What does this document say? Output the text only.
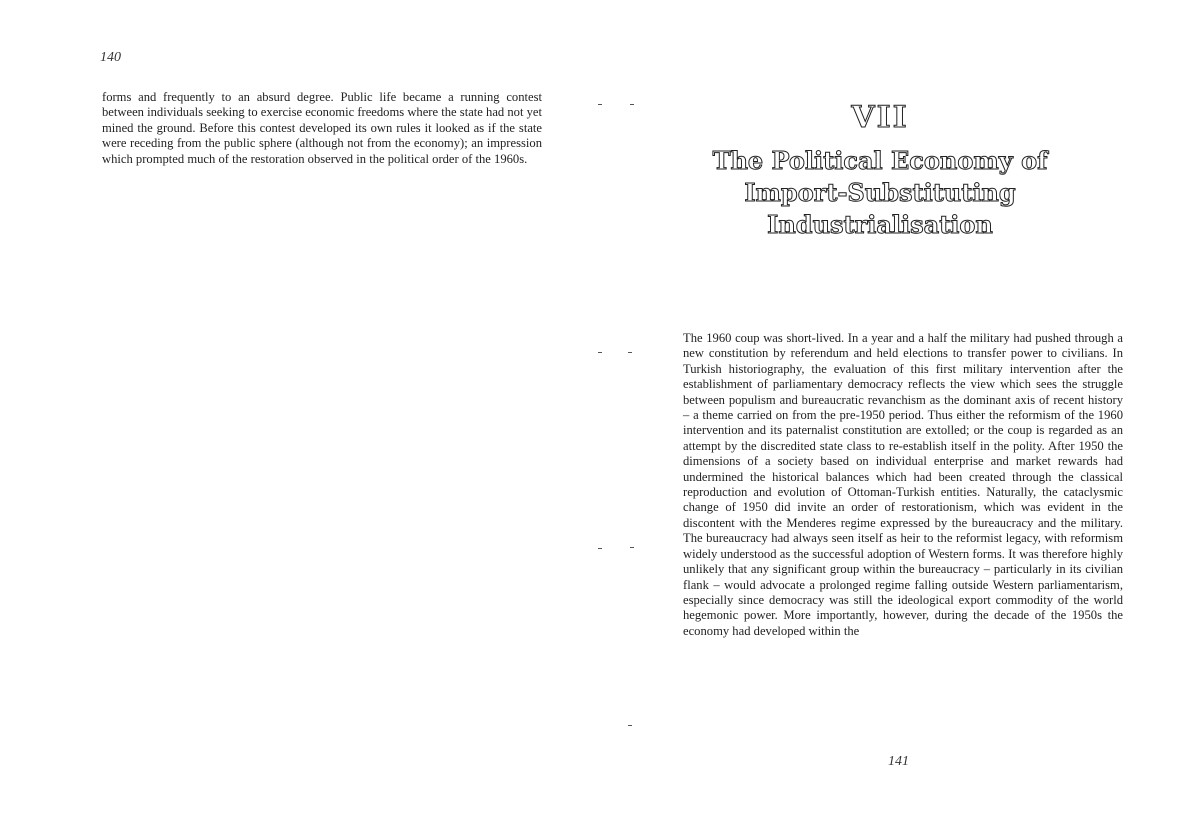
140
forms and frequently to an absurd degree. Public life became a running contest between individuals seeking to exercise economic freedoms where the state had not yet mined the ground. Before this contest developed its own rules it looked as if the state were receding from the public sphere (although not from the economy); an impression which prompted much of the restoration observed in the political order of the 1960s.
VII
The Political Economy of Import-Substituting Industrialisation
The 1960 coup was short-lived. In a year and a half the military had pushed through a new constitution by referendum and held elections to transfer power to civilians. In Turkish historiography, the evaluation of this first military intervention after the establishment of parliamentary democracy reflects the view which sees the struggle between populism and bureaucratic revanchism as the dominant axis of recent history – a theme carried on from the pre-1950 period. Thus either the reformism of the 1960 intervention and its paternalist constitution are extolled; or the coup is regarded as an attempt by the discredited state class to re-establish itself in the polity. After 1950 the dimensions of a society based on individual enterprise and market rewards had undermined the historical balances which had been created through the classical reproduction and evolution of Ottoman-Turkish entities. Naturally, the cataclysmic change of 1950 did invite an order of restorationism, which was evident in the discontent with the Menderes regime expressed by the bureaucracy and the military. The bureaucracy had always seen itself as heir to the reformist legacy, with reformism widely understood as the successful adoption of Western forms. It was therefore highly unlikely that any significant group within the bureaucracy – particularly in its civilian flank – would advocate a prolonged regime falling outside Western parliamentarism, especially since democracy was still the ideological export commodity of the world hegemonic power. More importantly, however, during the decade of the 1950s the economy had developed within the
141
